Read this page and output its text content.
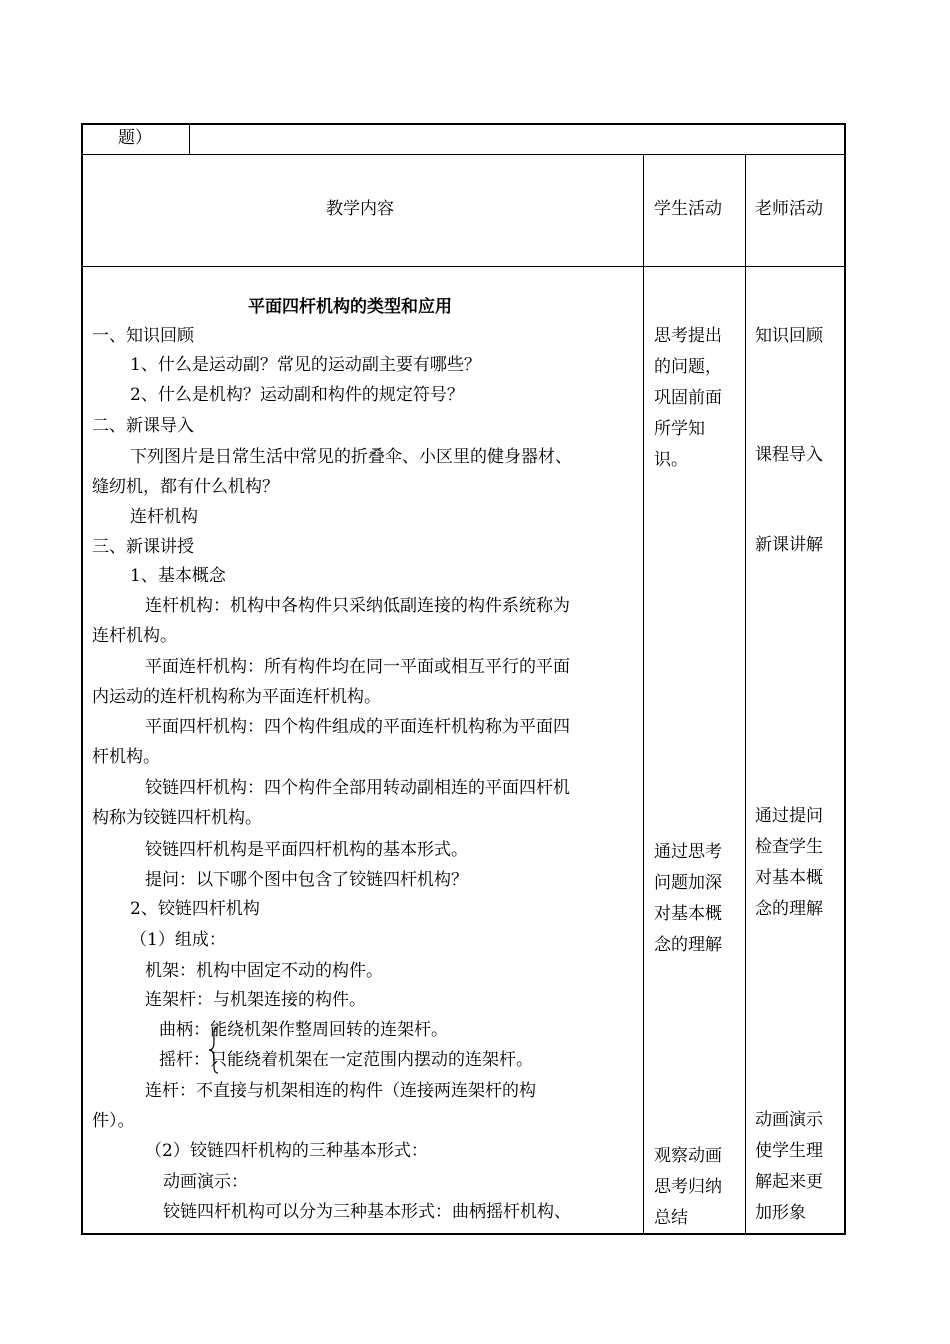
题）
教学内容	学生活动 老师活动
平面四杆机构的类型和应用
一、知识回顾
1、什么是运动副？常见的运动副主要有哪些？
2、什么是机构？运动副和构件的规定符号？
二、新课导入
下列图片是日常生活中常见的折叠伞、小区里的健身器材、
缝纫机，都有什么机构？
连杆机构
三、新课讲授
1、基本概念
连杆机构：机构中各构件只采纳低副连接的构件系统称为
连杆机构。
平面连杆机构：所有构件均在同一平面或相互平行的平面
内运动的连杆机构称为平面连杆机构。
平面四杆机构：四个构件组成的平面连杆机构称为平面四
杆机构。
铰链四杆机构：四个构件全部用转动副相连的平面四杆机
构称为铰链四杆机构。
铰链四杆机构是平面四杆机构的基本形式。
提问：以下哪个图中包含了铰链四杆机构？
2、铰链四杆机构
（1）组成：
机架：机构中固定不动的构件。
连架杆：与机架连接的构件。
曲柄：能绕机架作整周回转的连架杆。
摇杆：只能绕着机架在一定范围内摆动的连架杆。
连杆：不直接与机架相连的构件（连接两连架杆的构
件）。
（2）铰链四杆机构的三种基本形式：
动画演示：
铰链四杆机构可以分为三种基本形式：曲柄摇杆机构、
思考提出
的问题，
巩固前面
所学知
识。
通过思考
问题加深
对基本概
念的理解
观察动画
思考归纳
总结
知识回顾
课程导入
新课讲解
通过提问
检查学生
对基本概
念的理解
动画演示
使学生理
解起来更
加形象
